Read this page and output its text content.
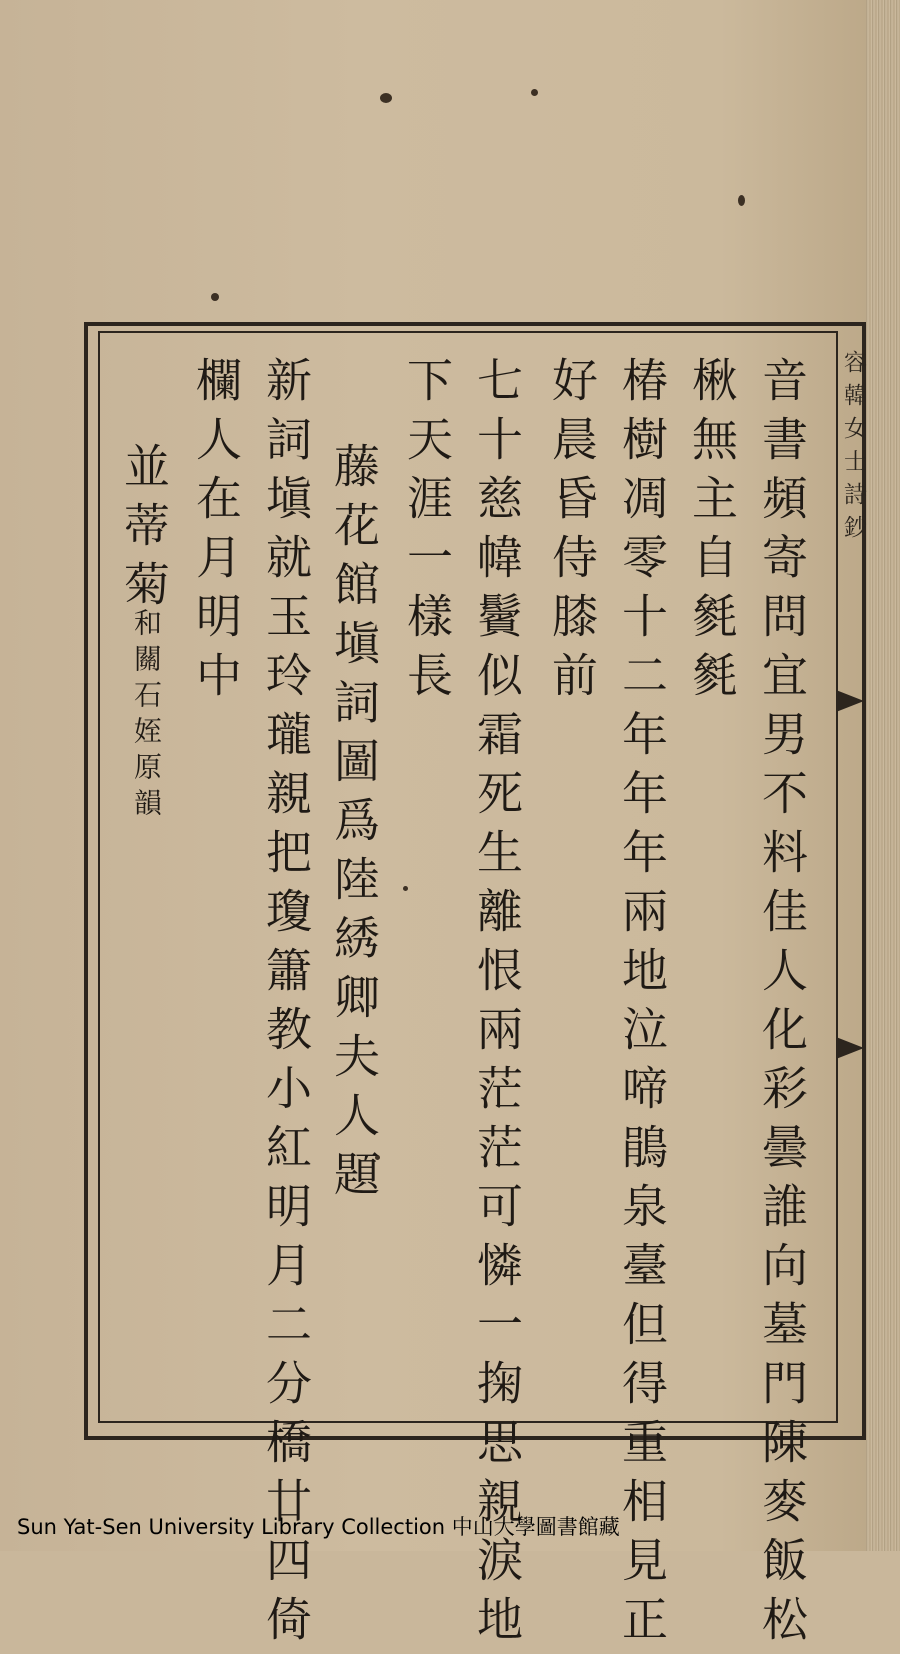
容韓女士詩鈔
音書頻寄問宜男不料佳人化彩曇誰向墓門陳麥飯松
楸無主自毿毿
椿樹凋零十二年年年兩地泣啼鵑泉臺但得重相見正
好晨昏侍膝前
七十慈幃鬢似霜死生離恨兩茫茫可憐一掬思親淚地
下天涯一樣長
藤花館塡詞圖爲陸綉卿夫人題
新詞塡就玉玲瓏親把瓊簫教小紅明月二分橋廿四倚
欄人在月明中
並蒂菊
和關石姪原韻
Sun Yat-Sen University Library Collection 中山大學圖書館藏
